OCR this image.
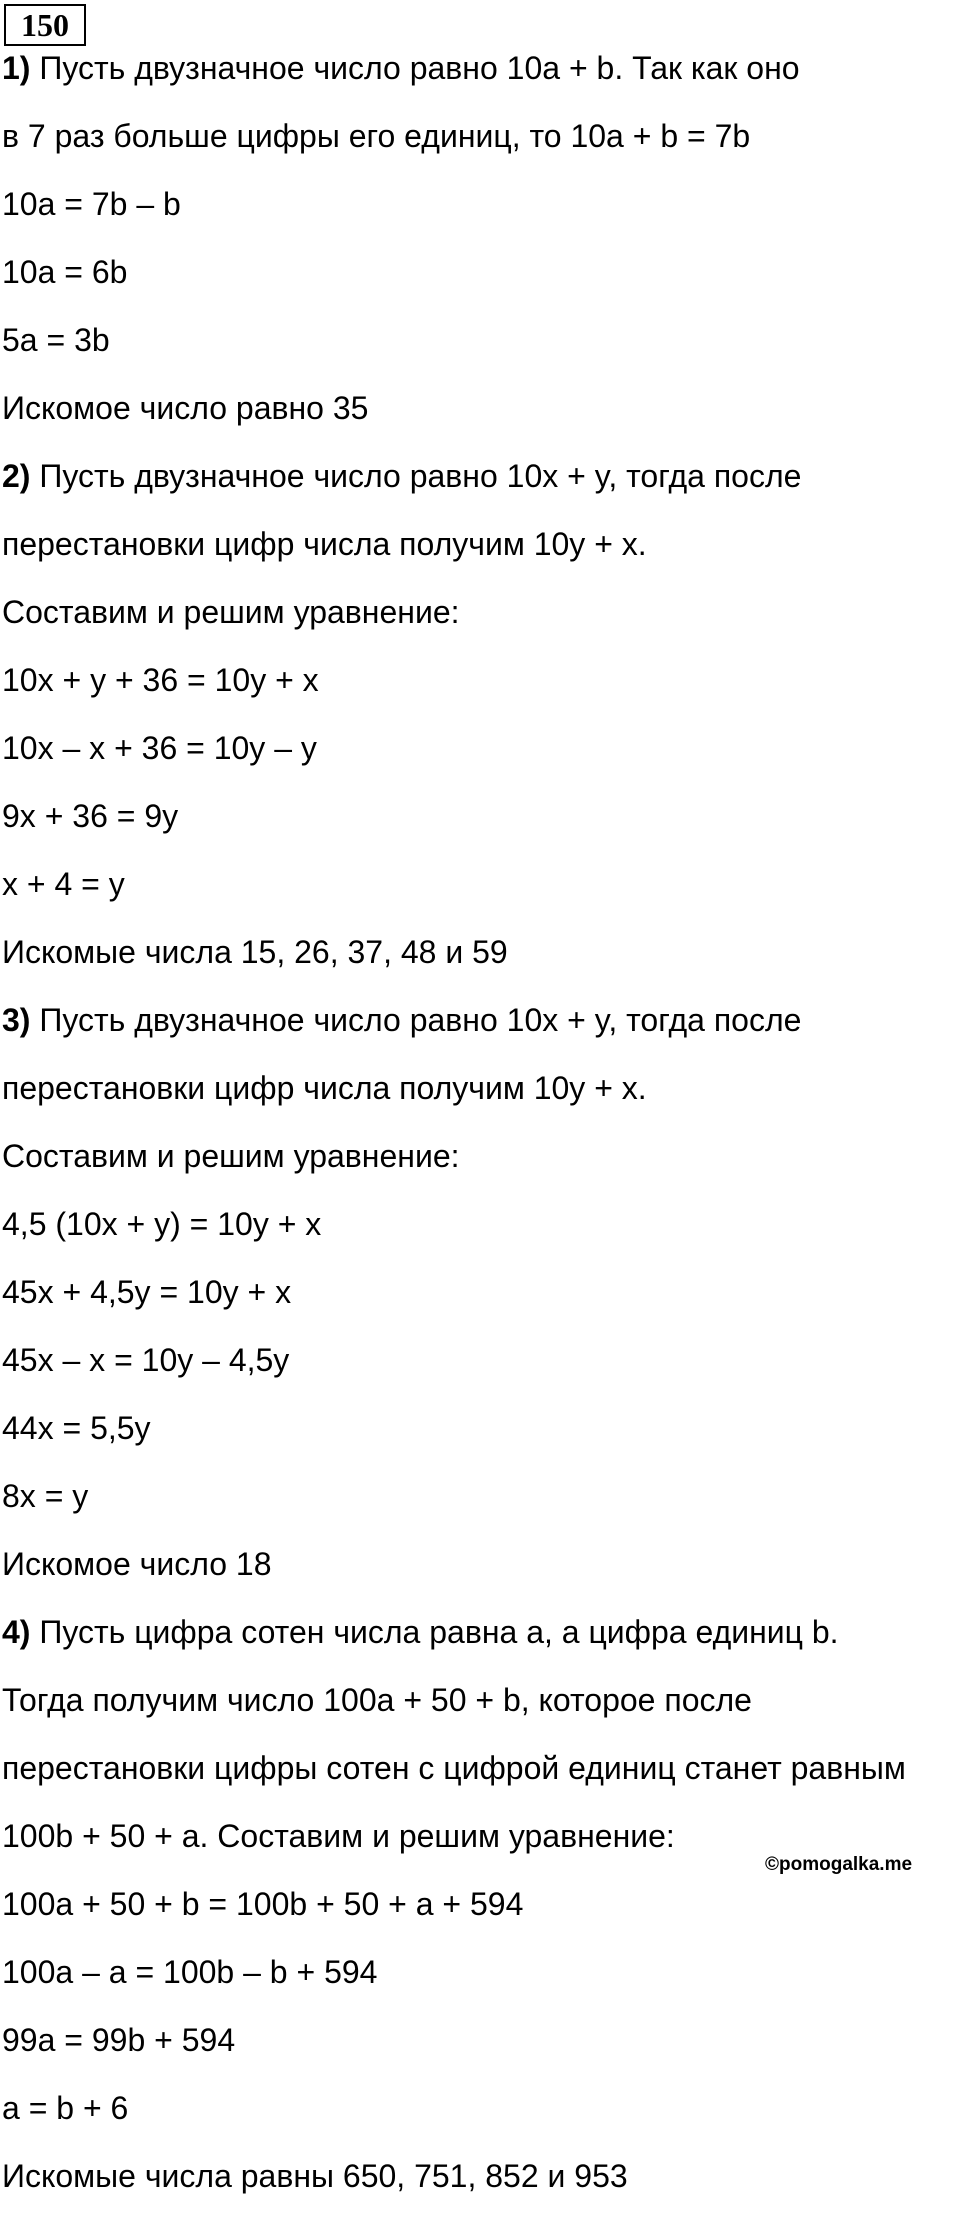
150
1) Пусть двузначное число равно 10a + b. Так как оно
в 7 раз больше цифры его единиц, то 10a + b = 7b
10a = 7b – b
10a = 6b
5a = 3b
Искомое число равно 35
2) Пусть двузначное число равно 10x + y, тогда после
перестановки цифр числа получим 10y + x.
Составим и решим уравнение:
10x + y + 36 = 10y + x
10x – x + 36 = 10y – y
9x + 36 = 9y
x + 4 = y
Искомые числа 15, 26, 37, 48 и 59
3) Пусть двузначное число равно 10x + y, тогда после
перестановки цифр числа получим 10y + x.
Составим и решим уравнение:
4,5 (10x + y) = 10y + x
45x + 4,5y = 10y + x
45x – x = 10y – 4,5y
44x = 5,5y
8x = y
Искомое число 18
4) Пусть цифра сотен числа равна a, а цифра единиц b.
Тогда получим число 100a + 50 + b, которое после
перестановки цифры сотен с цифрой единиц станет равным
100b + 50 + a. Составим и решим уравнение:
100a + 50 + b = 100b + 50 + a + 594
100a – a = 100b – b + 594
99a = 99b + 594
a = b + 6
Искомые числа равны 650, 751, 852 и 953
©pomogalka.me
